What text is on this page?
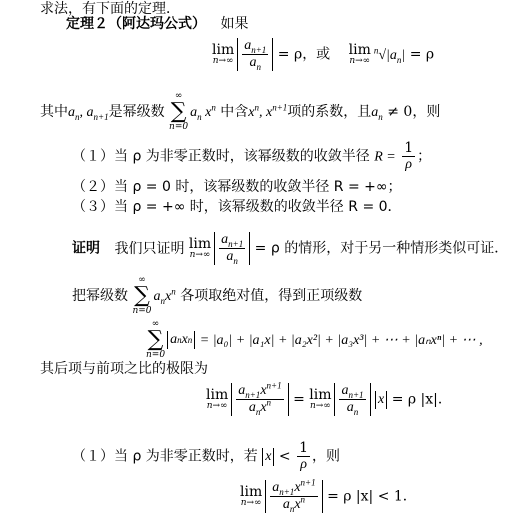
求法，有下面的定理．
定理２（阿达玛公式） 如果
lim
$n\to\infty \frac{a_{n+1}}{a_n} = \rho$，或 lim
n→∞
$^n√|a_n| = \rho$
其中$a_n$, $a_{n+1}$是幂级数
∞
∑
n=0
$a_n$ $x^n$ 中含$x^n$, $x^{n+1}$项的系数，且$a_n \ne 0$，则
（１）当 ρ 为非零正数时，该幂级数的收敛半径 $R = \frac{1}{\rho}$ ；
（２）当 ρ = 0 时，该幂级数的收敛半径 R = +∞；
（３）当 ρ = +∞ 时，该幂级数的收敛半径 R = 0．
证明 我们只证明 lim
$n\to\infty \frac{a_{n+1}}{a_n} = \rho$ 的情形，对于另一种情形类似可证．
把幂级数
∞
∑
n=0
$a_nx^n$ 各项取绝对值，得到正项级数
∞
∑
n=0
a n x n = |a₀| + |a₁x| + |a₂x²| + |a₃x³| + ⋯ + |aₙxⁿ| + ⋯ ,
其后项与前项之比的极限为
lim
$n\to\infty \frac{a_{n+1}x^{n+1}}{a_nx^n} = \lim$
$n\to\infty \frac{a_{n+1}}{a_n}$ x = ρ |x|．
（１）当 ρ 为非零正数时，若 $x < \frac{1}{\rho}$ ，则
lim
$n\to\infty \frac{a_{n+1}x^{n+1}}{a_nx^n} = \rho$ |x| < 1．
